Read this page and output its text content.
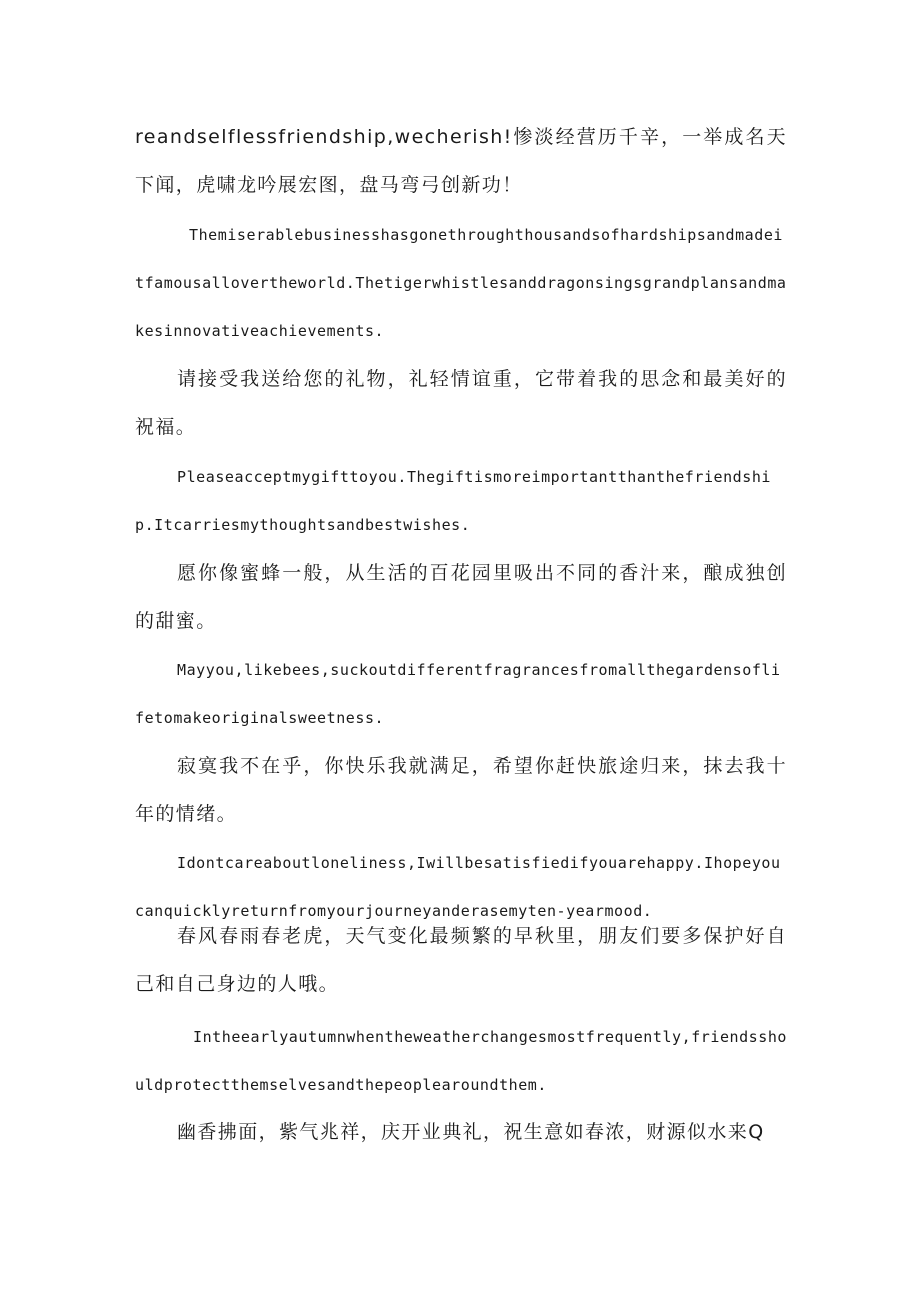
reandselflessfriendship,wecherish!惨淡经营历千辛，一举成名天下闻，虎啸龙吟展宏图，盘马弯弓创新功！

Themiserablebusinesshasgonethroughthousandsofhardshipsandmadeitfamousallovertheworld.Thetigerwhistlesanddragonsingsgrandplansandmakesinnovativeachievements.

请接受我送给您的礼物，礼轻情谊重，它带着我的思念和最美好的祝福。

Pleaseacceptmygifttoyou.Thegiftismoreimportantthanthefriendship.Itcarriesmythoughtsandbestwishes.

愿你像蜜蜂一般，从生活的百花园里吸出不同的香汁来，酿成独创的甜蜜。

Mayyou,likebees,suckoutdifferentfragrancesfromallthegardensoflifetomakeoriginalsweetness.

寂寞我不在乎，你快乐我就满足，希望你赶快旅途归来，抹去我十年的情绪。

Idontcareaboutloneliness,Iwillbesatisfiedifyouarehappy.Ihopeyoucanquicklyreturnfromyourjourneyanderasemyten-yearmood.

春风春雨春老虎，天气变化最频繁的早秋里，朋友们要多保护好自己和自己身边的人哦。

Intheearlyautumnwhentheweatherchangesmostfrequently,friendsshouldprotectthemselvesandthepeoplearoundthem.

幽香拂面，紫气兆祥，庆开业典礼，祝生意如春浓，财源似水来Q
